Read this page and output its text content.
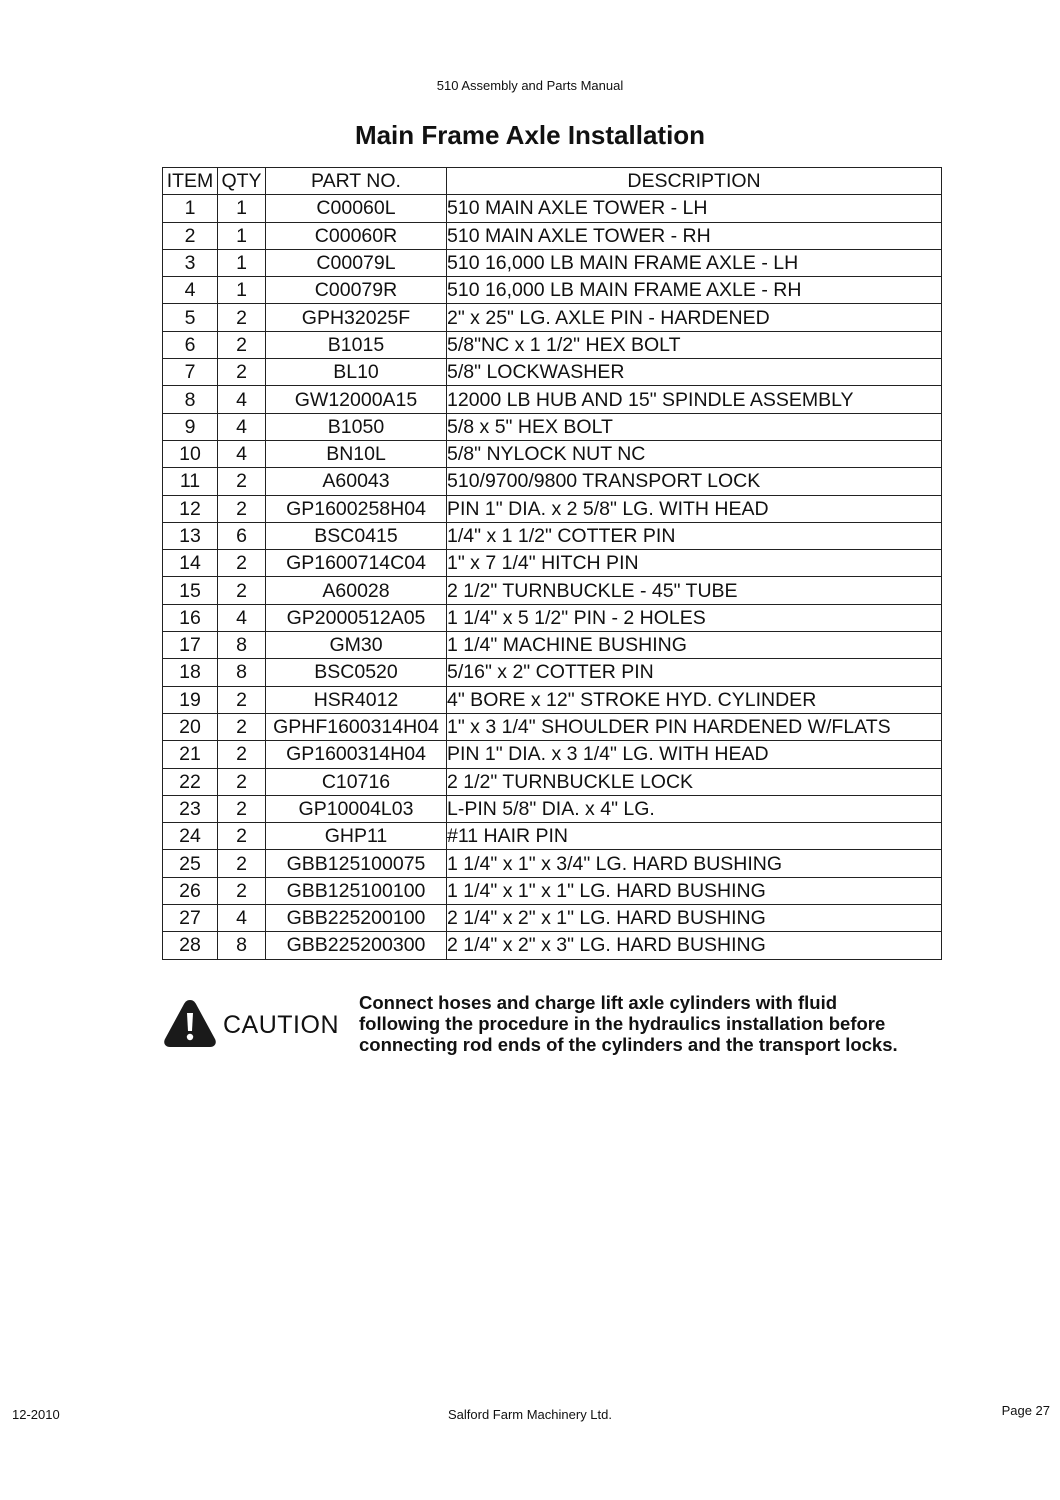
510 Assembly and Parts Manual
Main Frame Axle Installation
ITEM	QTY	PART NO.	DESCRIPTION
1	1	C00060L	510 MAIN AXLE TOWER - LH
2	1	C00060R	510 MAIN AXLE TOWER - RH
3	1	C00079L	510 16,000 LB MAIN FRAME AXLE - LH
4	1	C00079R	510 16,000 LB MAIN FRAME AXLE - RH
5	2	GPH32025F	2" x 25" LG. AXLE PIN - HARDENED
6	2	B1015	5/8"NC x 1 1/2" HEX BOLT
7	2	BL10	5/8" LOCKWASHER
8	4	GW12000A15	12000 LB HUB AND 15" SPINDLE ASSEMBLY
9	4	B1050	5/8 x 5" HEX BOLT
10	4	BN10L	5/8" NYLOCK NUT NC
11	2	A60043	510/9700/9800 TRANSPORT LOCK
12	2	GP1600258H04	PIN 1" DIA. x 2 5/8" LG. WITH HEAD
13	6	BSC0415	1/4" x 1 1/2" COTTER PIN
14	2	GP1600714C04	1" x 7 1/4" HITCH PIN
15	2	A60028	2 1/2" TURNBUCKLE - 45" TUBE
16	4	GP2000512A05	1 1/4" x 5 1/2" PIN - 2 HOLES
17	8	GM30	1 1/4" MACHINE BUSHING
18	8	BSC0520	5/16" x 2" COTTER PIN
19	2	HSR4012	4" BORE x 12" STROKE HYD. CYLINDER
20	2	GPHF1600314H04	1" x 3 1/4" SHOULDER PIN HARDENED W/FLATS
21	2	GP1600314H04	PIN 1" DIA. x 3 1/4" LG. WITH HEAD
22	2	C10716	2 1/2" TURNBUCKLE LOCK
23	2	GP10004L03	L-PIN 5/8" DIA. x 4" LG.
24	2	GHP11	#11 HAIR PIN
25	2	GBB125100075	1 1/4" x 1" x 3/4" LG. HARD BUSHING
26	2	GBB125100100	1 1/4" x 1" x 1" LG. HARD BUSHING
27	4	GBB225200100	2 1/4" x 2" x 1" LG. HARD BUSHING
28	8	GBB225200300	2 1/4" x 2" x 3" LG. HARD BUSHING
CAUTION
Connect hoses and charge lift axle cylinders with fluid
following the procedure in the hydraulics installation before
connecting rod ends of the cylinders and the transport locks.
12-2010	Salford Farm Machinery Ltd.	Page 27
